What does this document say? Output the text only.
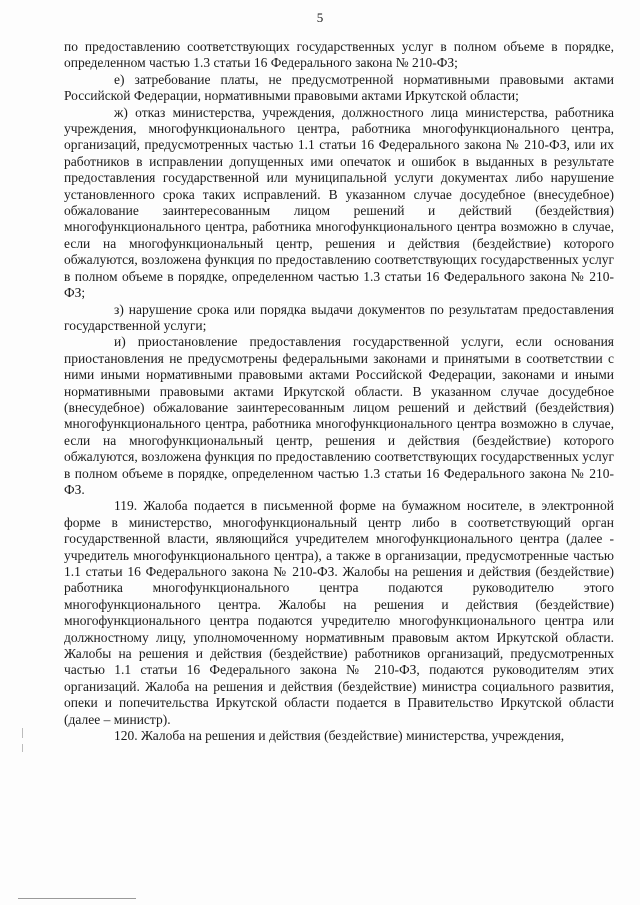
5

по предоставлению соответствующих государственных услуг в полном объеме в порядке, определенном частью 1.3 статьи 16 Федерального закона № 210-ФЗ;

е) затребование платы, не предусмотренной нормативными правовыми актами Российской Федерации, нормативными правовыми актами Иркутской области;

ж) отказ министерства, учреждения, должностного лица министерства, работника учреждения, многофункционального центра, работника многофункционального центра, организаций, предусмотренных частью 1.1 статьи 16 Федерального закона № 210-ФЗ, или их работников в исправлении допущенных ими опечаток и ошибок в выданных в результате предоставления государственной или муниципальной услуги документах либо нарушение установленного срока таких исправлений. В указанном случае досудебное (внесудебное) обжалование заинтересованным лицом решений и действий (бездействия) многофункционального центра, работника многофункционального центра возможно в случае, если на многофункциональный центр, решения и действия (бездействие) которого обжалуются, возложена функция по предоставлению соответствующих государственных услуг в полном объеме в порядке, определенном частью 1.3 статьи 16 Федерального закона № 210-ФЗ;

з) нарушение срока или порядка выдачи документов по результатам предоставления государственной услуги;

и) приостановление предоставления государственной услуги, если основания приостановления не предусмотрены федеральными законами и принятыми в соответствии с ними иными нормативными правовыми актами Российской Федерации, законами и иными нормативными правовыми актами Иркутской области. В указанном случае досудебное (внесудебное) обжалование заинтересованным лицом решений и действий (бездействия) многофункционального центра, работника многофункционального центра возможно в случае, если на многофункциональный центр, решения и действия (бездействие) которого обжалуются, возложена функция по предоставлению соответствующих государственных услуг в полном объеме в порядке, определенном частью 1.3 статьи 16 Федерального закона № 210-ФЗ.

119. Жалоба подается в письменной форме на бумажном носителе, в электронной форме в министерство, многофункциональный центр либо в соответствующий орган государственной власти, являющийся учредителем многофункционального центра (далее - учредитель многофункционального центра), а также в организации, предусмотренные частью 1.1 статьи 16 Федерального закона № 210-ФЗ. Жалобы на решения и действия (бездействие) работника многофункционального центра подаются руководителю этого многофункционального центра. Жалобы на решения и действия (бездействие) многофункционального центра подаются учредителю многофункционального центра или должностному лицу, уполномоченному нормативным правовым актом Иркутской области. Жалобы на решения и действия (бездействие) работников организаций, предусмотренных частью 1.1 статьи 16 Федерального закона № 210-ФЗ, подаются руководителям этих организаций. Жалоба на решения и действия (бездействие) министра социального развития, опеки и попечительства Иркутской области подается в Правительство Иркутской области (далее – министр).

120. Жалоба на решения и действия (бездействие) министерства, учреждения,
